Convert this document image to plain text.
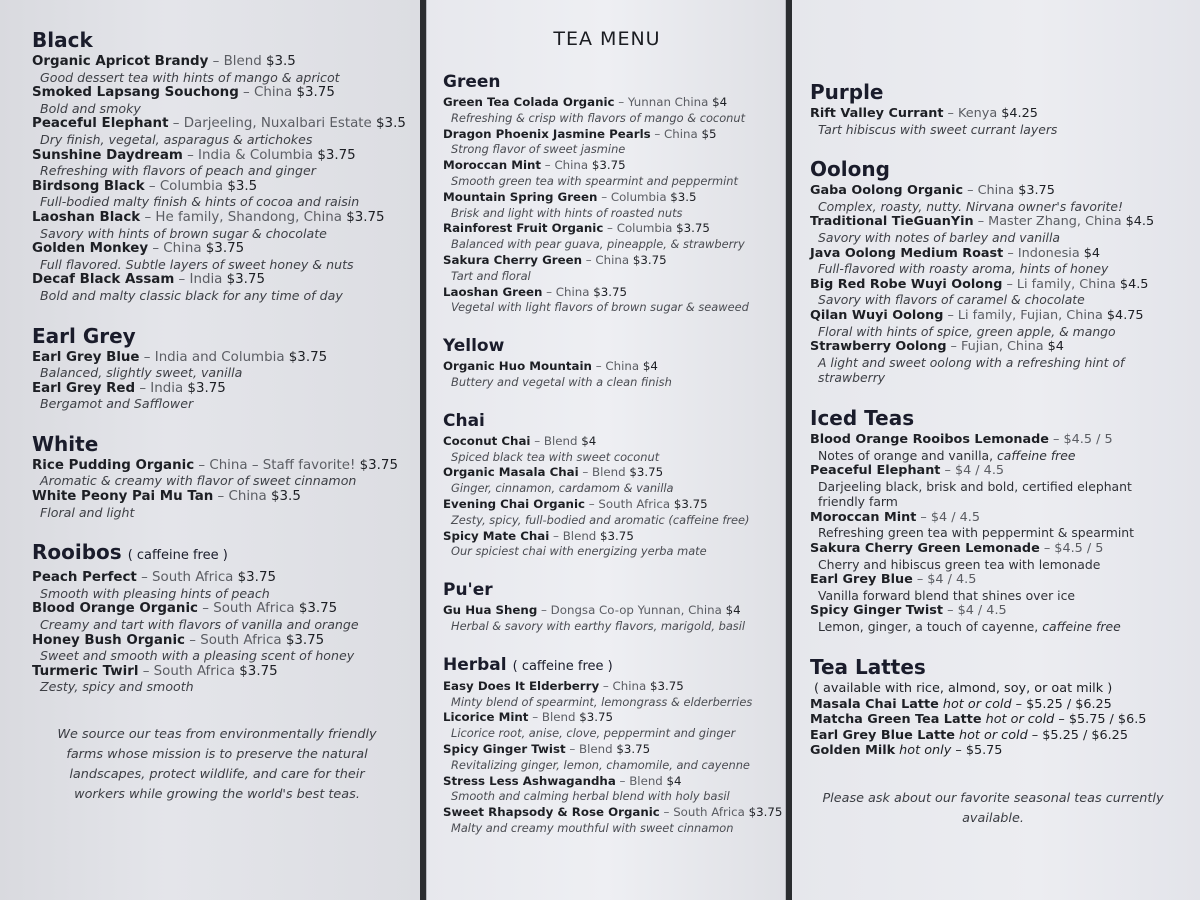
Black
Organic Apricot Brandy – Blend $3.5
Good dessert tea with hints of mango & apricot
Smoked Lapsang Souchong – China $3.75
Bold and smoky
Peaceful Elephant – Darjeeling, Nuxalbari Estate $3.5
Dry finish, vegetal, asparagus & artichokes
Sunshine Daydream – India & Columbia $3.75
Refreshing with flavors of peach and ginger
Birdsong Black – Columbia $3.5
Full-bodied malty finish & hints of cocoa and raisin
Laoshan Black – He family, Shandong, China $3.75
Savory with hints of brown sugar & chocolate
Golden Monkey – China $3.75
Full flavored. Subtle layers of sweet honey & nuts
Decaf Black Assam – India $3.75
Bold and malty classic black for any time of day
Earl Grey
Earl Grey Blue – India and Columbia $3.75
Balanced, slightly sweet, vanilla
Earl Grey Red – India $3.75
Bergamot and Safflower
White
Rice Pudding Organic – China – Staff favorite! $3.75
Aromatic & creamy with flavor of sweet cinnamon
White Peony Pai Mu Tan – China $3.5
Floral and light
Rooibos ( caffeine free )
Peach Perfect – South Africa $3.75
Smooth with pleasing hints of peach
Blood Orange Organic – South Africa $3.75
Creamy and tart with flavors of vanilla and orange
Honey Bush Organic – South Africa $3.75
Sweet and smooth with a pleasing scent of honey
Turmeric Twirl – South Africa $3.75
Zesty, spicy and smooth
We source our teas from environmentally friendly farms whose mission is to preserve the natural landscapes, protect wildlife, and care for their workers while growing the world's best teas.
TEA MENU
Green
Green Tea Colada Organic – Yunnan China $4
Refreshing & crisp with flavors of mango & coconut
Dragon Phoenix Jasmine Pearls – China $5
Strong flavor of sweet jasmine
Moroccan Mint – China $3.75
Smooth green tea with spearmint and peppermint
Mountain Spring Green – Columbia $3.5
Brisk and light with hints of roasted nuts
Rainforest Fruit Organic – Columbia $3.75
Balanced with pear guava, pineapple, & strawberry
Sakura Cherry Green – China $3.75
Tart and floral
Laoshan Green – China $3.75
Vegetal with light flavors of brown sugar & seaweed
Yellow
Organic Huo Mountain – China $4
Buttery and vegetal with a clean finish
Chai
Coconut Chai – Blend $4
Spiced black tea with sweet coconut
Organic Masala Chai – Blend $3.75
Ginger, cinnamon, cardamom & vanilla
Evening Chai Organic – South Africa $3.75
Zesty, spicy, full-bodied and aromatic (caffeine free)
Spicy Mate Chai – Blend $3.75
Our spiciest chai with energizing yerba mate
Pu'er
Gu Hua Sheng – Dongsa Co-op Yunnan, China $4
Herbal & savory with earthy flavors, marigold, basil
Herbal ( caffeine free )
Easy Does It Elderberry – China $3.75
Minty blend of spearmint, lemongrass & elderberries
Licorice Mint – Blend $3.75
Licorice root, anise, clove, peppermint and ginger
Spicy Ginger Twist – Blend $3.75
Revitalizing ginger, lemon, chamomile, and cayenne
Stress Less Ashwagandha – Blend $4
Smooth and calming herbal blend with holy basil
Sweet Rhapsody & Rose Organic – South Africa $3.75
Malty and creamy mouthful with sweet cinnamon
Purple
Rift Valley Currant – Kenya $4.25
Tart hibiscus with sweet currant layers
Oolong
Gaba Oolong Organic – China $3.75
Complex, roasty, nutty. Nirvana owner's favorite!
Traditional TieGuanYin – Master Zhang, China $4.5
Savory with notes of barley and vanilla
Java Oolong Medium Roast – Indonesia $4
Full-flavored with roasty aroma, hints of honey
Big Red Robe Wuyi Oolong – Li family, China $4.5
Savory with flavors of caramel & chocolate
Qilan Wuyi Oolong – Li family, Fujian, China $4.75
Floral with hints of spice, green apple, & mango
Strawberry Oolong – Fujian, China $4
A light and sweet oolong with a refreshing hint of strawberry
Iced Teas
Blood Orange Rooibos Lemonade – $4.5 / 5
Notes of orange and vanilla, caffeine free
Peaceful Elephant – $4 / 4.5
Darjeeling black, brisk and bold, certified elephant friendly farm
Moroccan Mint – $4 / 4.5
Refreshing green tea with peppermint & spearmint
Sakura Cherry Green Lemonade – $4.5 / 5
Cherry and hibiscus green tea with lemonade
Earl Grey Blue – $4 / 4.5
Vanilla forward blend that shines over ice
Spicy Ginger Twist – $4 / 4.5
Lemon, ginger, a touch of cayenne, caffeine free
Tea Lattes
( available with rice, almond, soy, or oat milk )
Masala Chai Latte hot or cold – $5.25 / $6.25
Matcha Green Tea Latte hot or cold – $5.75 / $6.5
Earl Grey Blue Latte hot or cold – $5.25 / $6.25
Golden Milk hot only – $5.75
Please ask about our favorite seasonal teas currently available.
